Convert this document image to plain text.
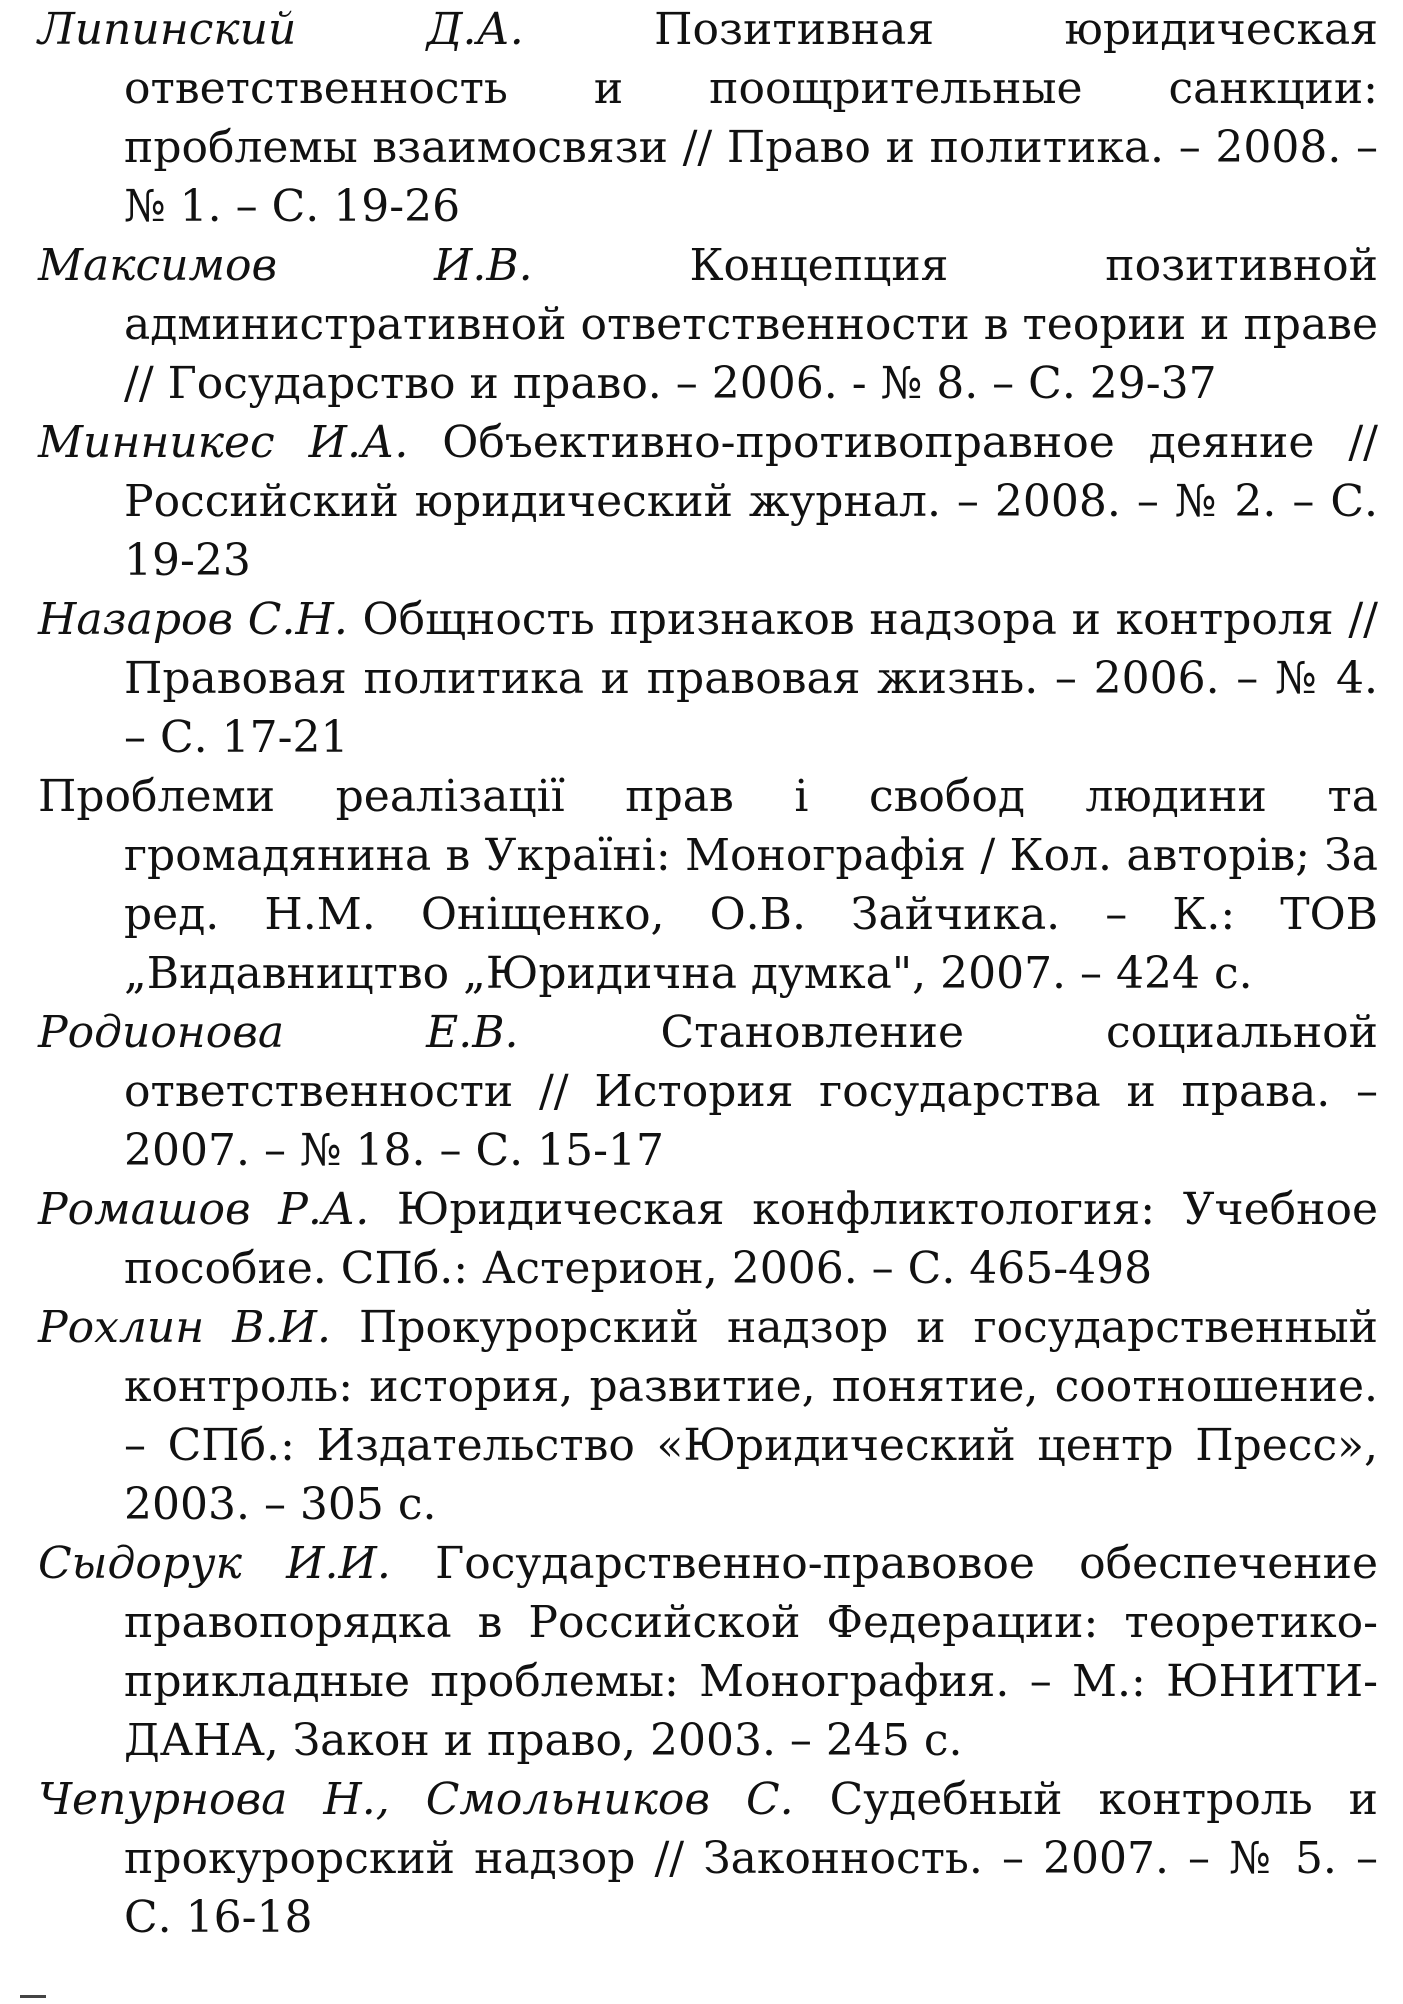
Липинский Д.А. Позитивная юридическая ответственность и поощрительные санкции: проблемы взаимосвязи // Право и политика. – 2008. – № 1. – С. 19-26
Максимов И.В. Концепция позитивной административной ответственности в теории и праве // Государство и право. – 2006. - № 8. – С. 29-37
Минникес И.А. Объективно-противоправное деяние // Российский юридический журнал. – 2008. – № 2. – С. 19-23
Назаров С.Н. Общность признаков надзора и контроля // Правовая политика и правовая жизнь. – 2006. – № 4. – С. 17-21
Проблеми реалізації прав і свобод людини та громадянина в Україні: Монографія / Кол. авторів; За ред. Н.М. Оніщенко, О.В. Зайчика. – К.: ТОВ „Видавництво „Юридична думка", 2007. – 424 с.
Родионова Е.В. Становление социальной ответственности // История государства и права. – 2007. – № 18. – С. 15-17
Ромашов Р.А. Юридическая конфликтология: Учебное пособие. СПб.: Астерион, 2006. – С. 465-498
Рохлин В.И. Прокурорский надзор и государственный контроль: история, развитие, понятие, соотношение. – СПб.: Издательство «Юридический центр Пресс», 2003. – 305 с.
Сыдорук И.И. Государственно-правовое обеспечение правопорядка в Российской Федерации: теоретико-прикладные проблемы: Монография. – М.: ЮНИТИ-ДАНА, Закон и право, 2003. – 245 с.
Чепурнова Н., Смольников С. Судебный контроль и прокурорский надзор // Законность. – 2007. – № 5. – С. 16-18
